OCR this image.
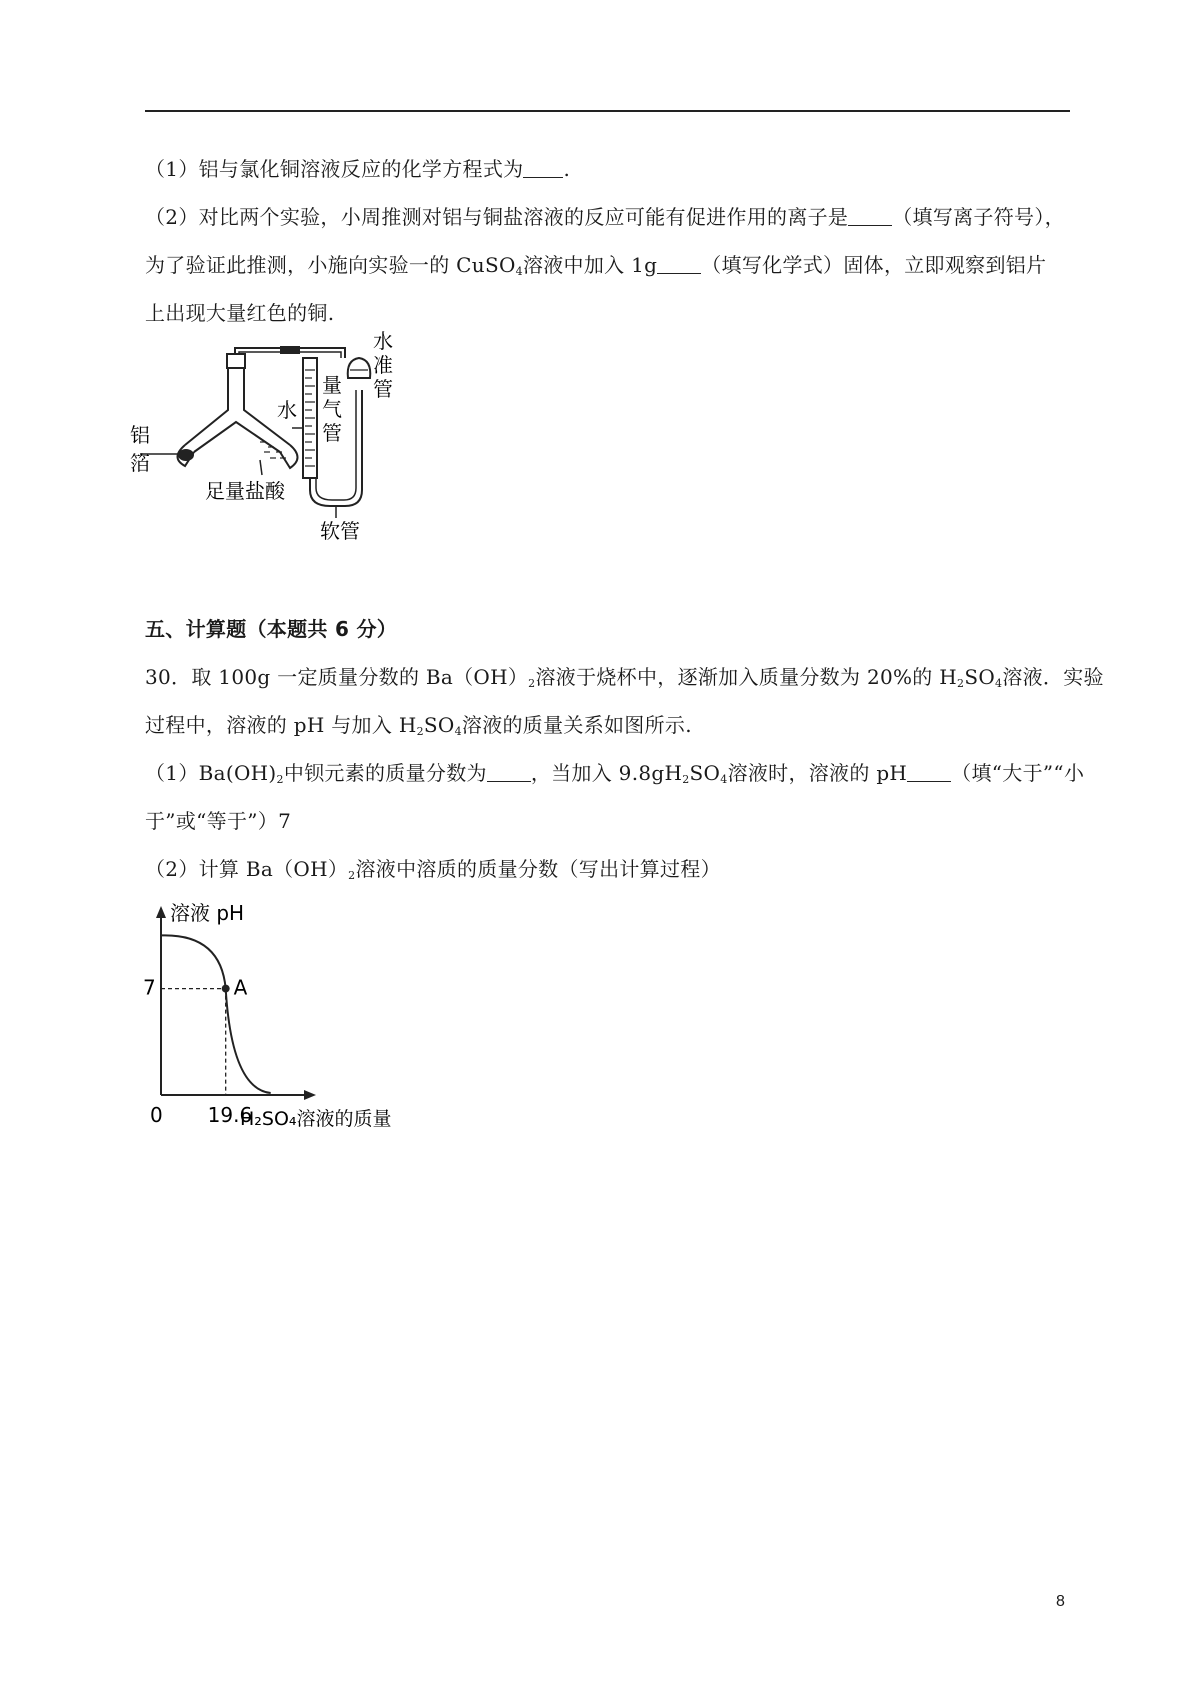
（1）铝与氯化铜溶液反应的化学方程式为 .
（2）对比两个实验，小周推测对铝与铜盐溶液的反应可能有促进作用的离子是 （填写离子符号），
为了验证此推测，小施向实验一的 CuSO$_4$溶液中加入 1g （填写化学式）固体，立即观察到铝片
上出现大量红色的铜.
铝
箔
足量盐酸
水
量
气
管
水
准
管
软管
五、计算题（本题共 6 分）
30．取 100g 一定质量分数的 $Ba(OH)_2$溶液于烧杯中，逐渐加入质量分数为 20%的 $H_2SO_4$溶液．实验
过程中，溶液的 pH 与加入 $H_2SO_4$溶液的质量关系如图所示.
$(1)Ba(OH)_2$中钡元素的质量分数为 ，当加入 $9.8gH_2SO_4$溶液时，溶液的 pH （填“大于”“小
于”或“等于”）7
（2）计算 $Ba(OH)_2$溶液中溶质的质量分数（写出计算过程）
A
溶液 pH
7
0 19.6
H₂SO₄溶液的质量
8
